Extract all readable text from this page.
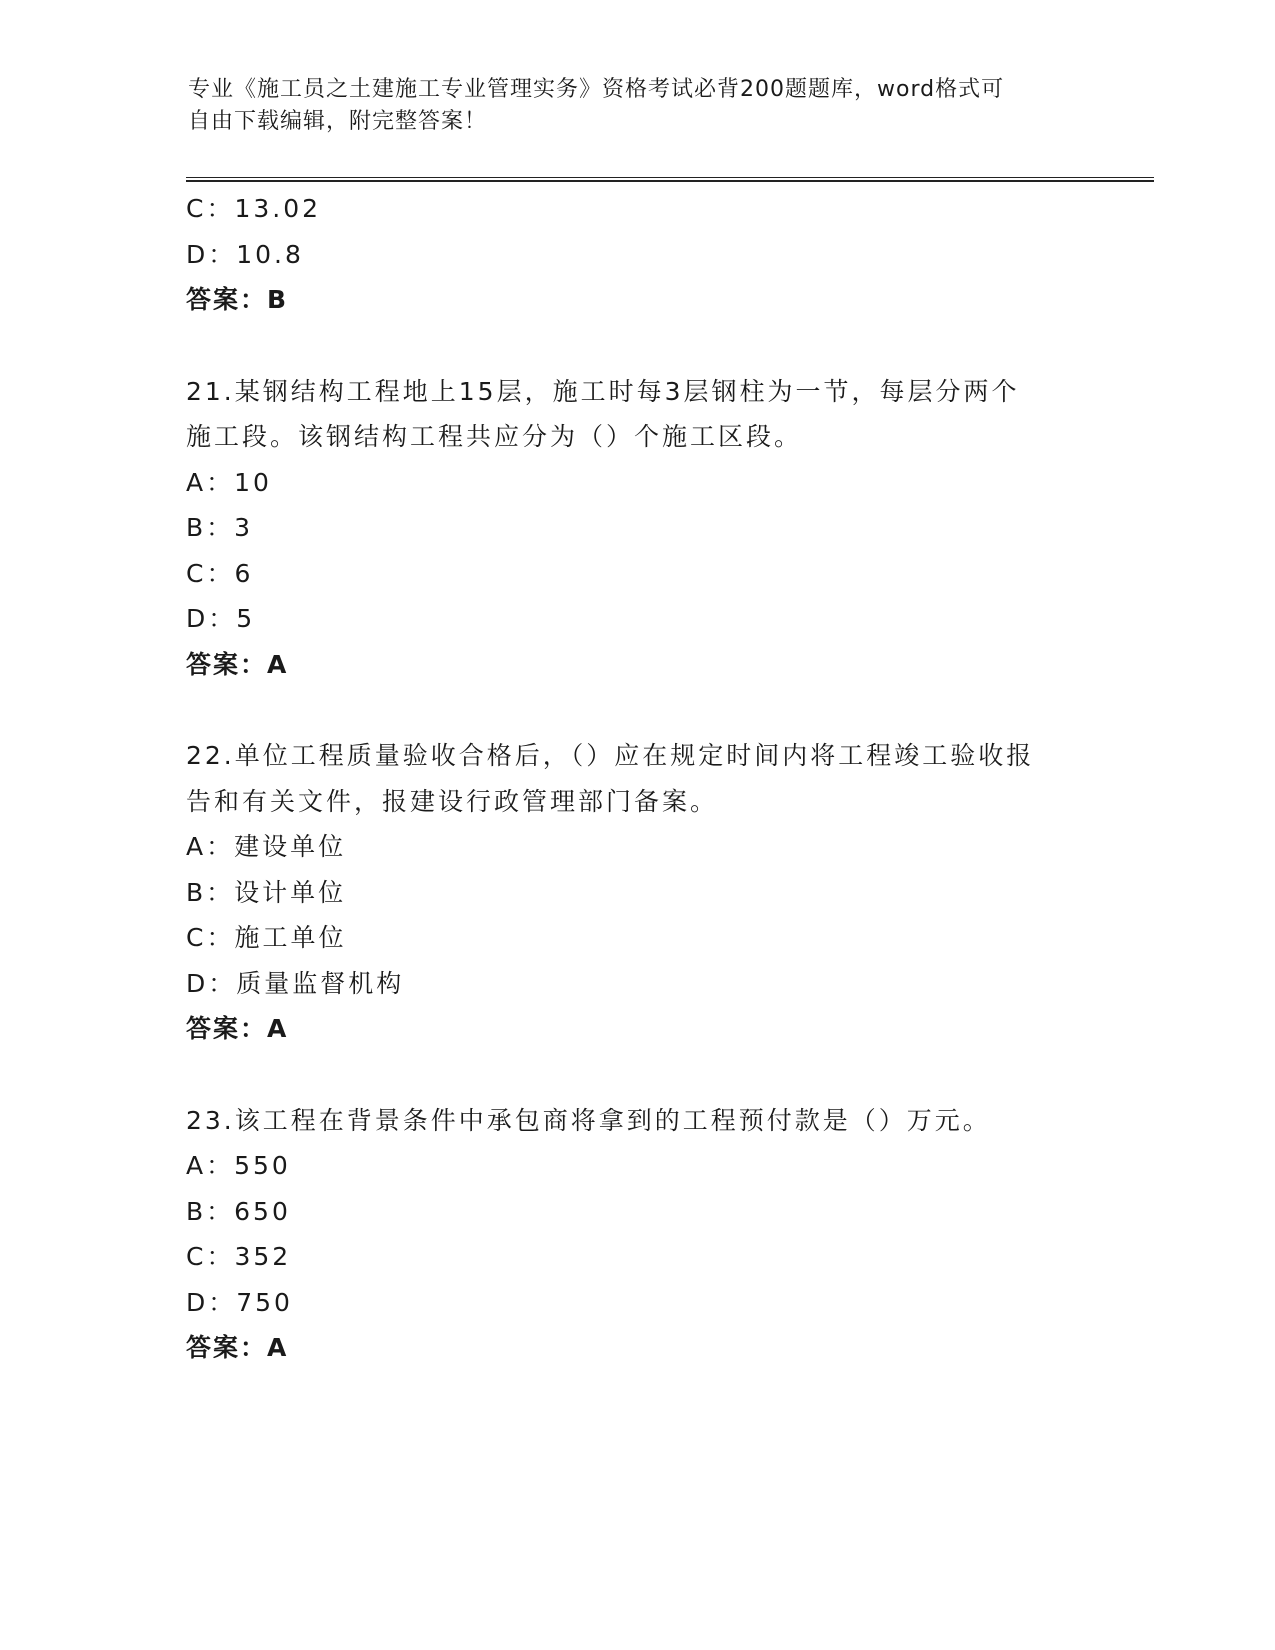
专业《施工员之土建施工专业管理实务》资格考试必背200题题库，word格式可
自由下载编辑，附完整答案！
C：13.02
D：10.8
答案：B
21.某钢结构工程地上15层，施工时每3层钢柱为一节，每层分两个
施工段。该钢结构工程共应分为（）个施工区段。
A：10
B：3
C：6
D：5
答案：A
22.单位工程质量验收合格后，（）应在规定时间内将工程竣工验收报
告和有关文件，报建设行政管理部门备案。
A：建设单位
B：设计单位
C：施工单位
D：质量监督机构
答案：A
23.该工程在背景条件中承包商将拿到的工程预付款是（）万元。
A：550
B：650
C：352
D：750
答案：A
